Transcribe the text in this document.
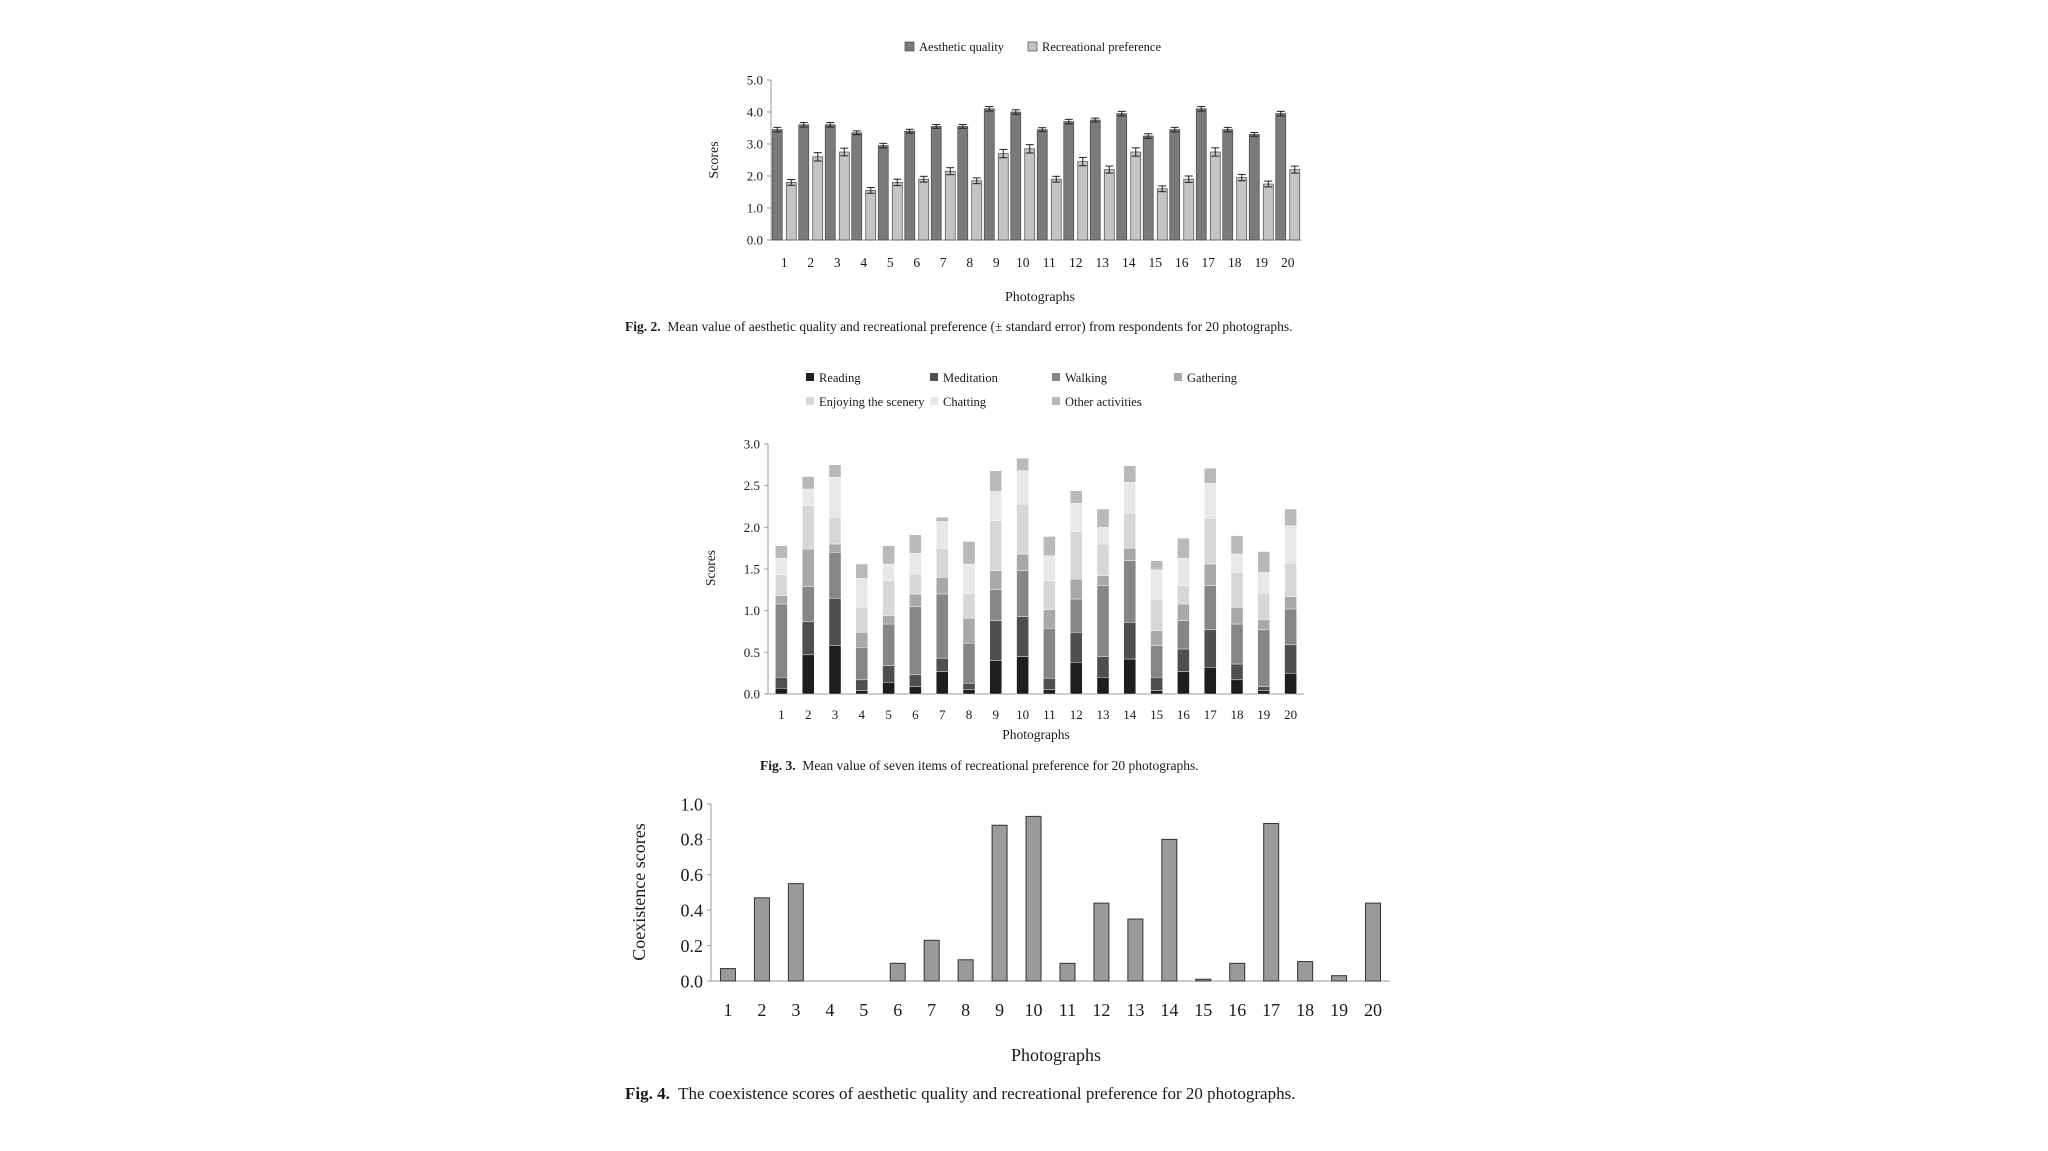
0.0
1.0
2.0
3.0
4.0
5.0
1 2 3 4 5 6 7 8 9 10 11 12 13 14 15 16 17 18 19 20
Photographs
Scores
Aesthetic quality	Recreational preference
0.0
0.5
1.0
1.5
2.0
2.5
3.0
1 2 3 4 5 6 7 8 9 10 11 12 13 14 15 16 17 18 19 20
Photographs
Scores
Reading	Meditation	Walking	Gathering
Enjoying the scenery Chatting	Other activities
0.0
0.2
0.4
0.6
0.8
1.0
1 2 3 4 5 6 7 8 9 10 11 12 13 14 15 16 17 18 19 20
Photographs
Coexistence scores
Fig. 2. Mean value of aesthetic quality and recreational preference (± standard error) from respondents for 20 photographs.
Fig. 3. Mean value of seven items of recreational preference for 20 photographs.
Fig. 4. The coexistence scores of aesthetic quality and recreational preference for 20 photographs.
